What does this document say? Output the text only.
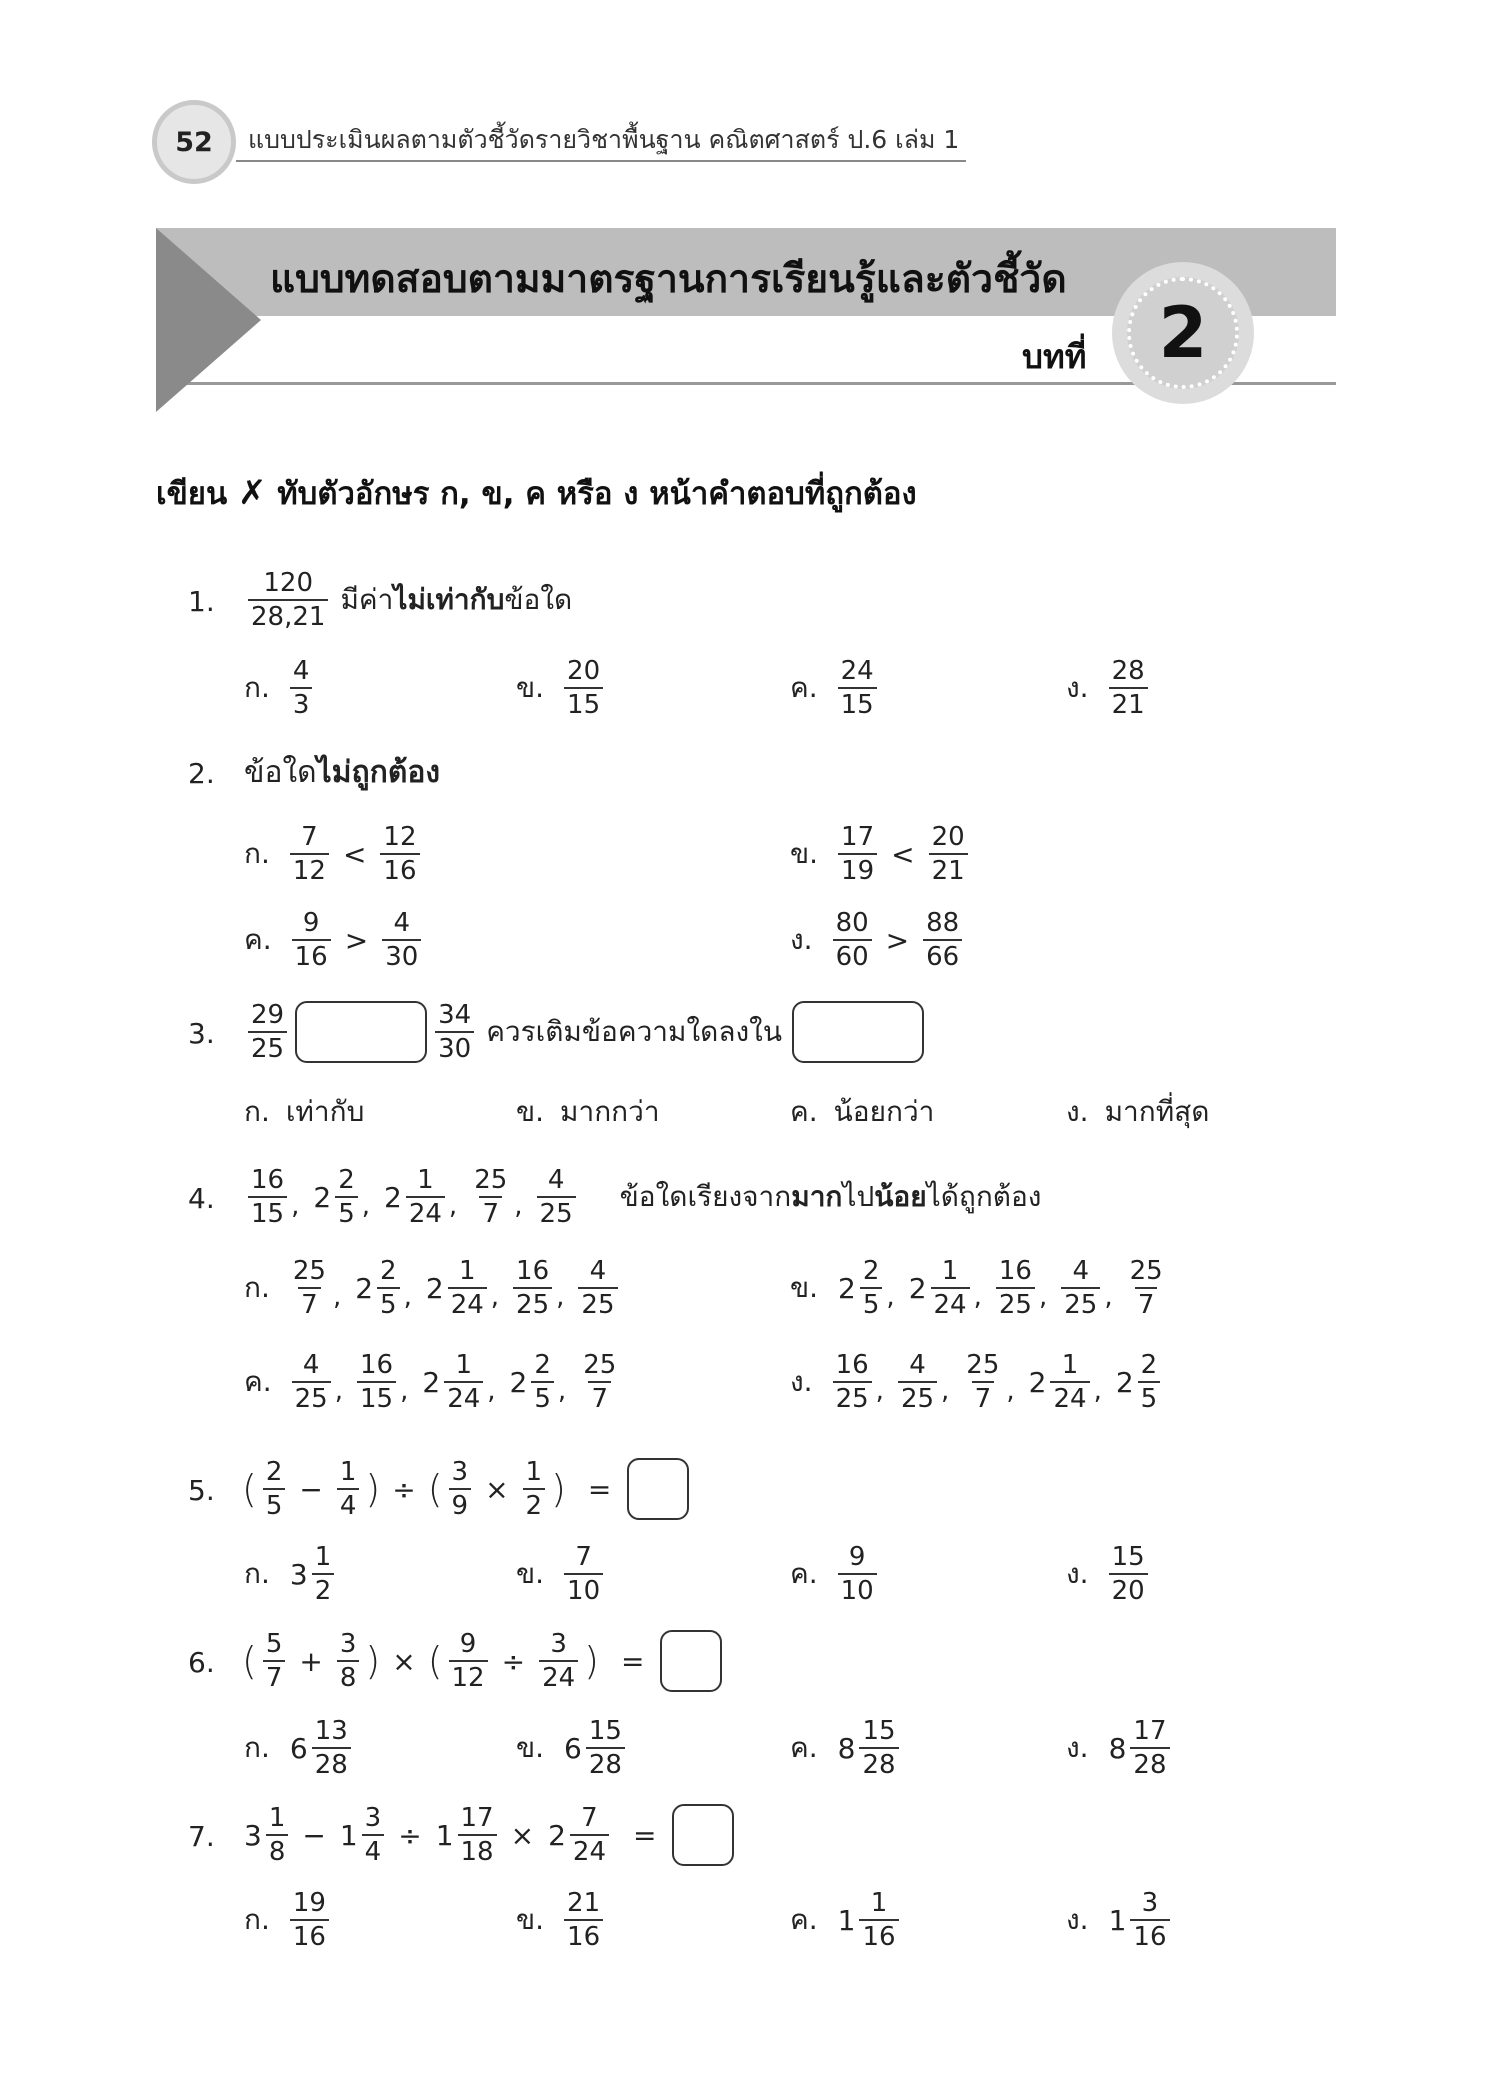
52 แบบประเมินผลตามตัวชี้วัดรายวิชาพื้นฐาน คณิตศาสตร์ ป.6 เล่ม 1
แบบทดสอบตามมาตรฐานการเรียนรู้และตัวชี้วัด
บทที่	2
เขียน ✗ ทับตัวอักษร ก, ข, ค หรือ ง หน้าคำตอบที่ถูกต้อง
1. $\frac{120}{28,21}$ มีค่า ไม่เท่ากับ ข้อใด
ก. $\frac{4}{3}$	ข. $\frac{20}{15}$	ค. $\frac{24}{15}$	ง. $\frac{28}{21}$
2. ข้อใด ไม่ถูกต้อง
ก. $\frac{7}{12} < \frac{12}{16}$	ข. $\frac{17}{19} < \frac{20}{21}$
ค. $\frac{9}{16} > \frac{4}{30}$	ง. $\frac{80}{60} > \frac{88}{66}$
3. $\frac{29}{25}$	$\frac{34}{30}$ ควรเติมข้อความใดลงใน
ก. เท่ากับ	ข. มากกว่า	ค. น้อยกว่า	ง. มากที่สุด
4. $\frac{16}{15}$ , $2 \frac{2}{5}$ , $2 \frac{1}{24}$ , $\frac{25}{7}$ , $\frac{4}{25}$ ข้อใดเรียงจาก มาก ไป น้อย ได้ถูกต้อง
ก. $\frac{25}{7}$ , $2 \frac{2}{5}$ , $2 \frac{1}{24}$ , $\frac{16}{25}$ , $\frac{4}{25}$	ข. $2 \frac{2}{5}$ , $2 \frac{1}{24}$ , $\frac{16}{25}$ , $\frac{4}{25}$ , $\frac{25}{7}$
ค. $\frac{4}{25}$ , $\frac{16}{15}$ , $2 \frac{1}{24}$ , $2 \frac{2}{5}$ , $\frac{25}{7}$	ง. $\frac{16}{25}$ , $\frac{4}{25}$ , $\frac{25}{7}$ , $2 \frac{1}{24}$ , $2 \frac{2}{5}$
5. ( $\frac{2}{5} - \frac{1}{4}$ ) ÷ ( $\frac{3}{9} \times \frac{1}{2}$ ) =
ก. $3 \frac{1}{2}$	ข. $\frac{7}{10}$	ค. $\frac{9}{10}$	ง. $\frac{15}{20}$
6. ( $\frac{5}{7} + \frac{3}{8}$ ) × ( $\frac{9}{12} \div \frac{3}{24}$ ) =
ก. $6 \frac{13}{28}$	ข. $6 \frac{15}{28}$	ค. $8 \frac{15}{28}$	ง. $8 \frac{17}{28}$
7. $3 \frac{1}{8} - 1 \frac{3}{4} \div 1 \frac{17}{18} \times 2 \frac{7}{24}$ =
ก. $\frac{19}{16}$	ข. $\frac{21}{16}$	ค. $1 \frac{1}{16}$	ง. $1 \frac{3}{16}$
